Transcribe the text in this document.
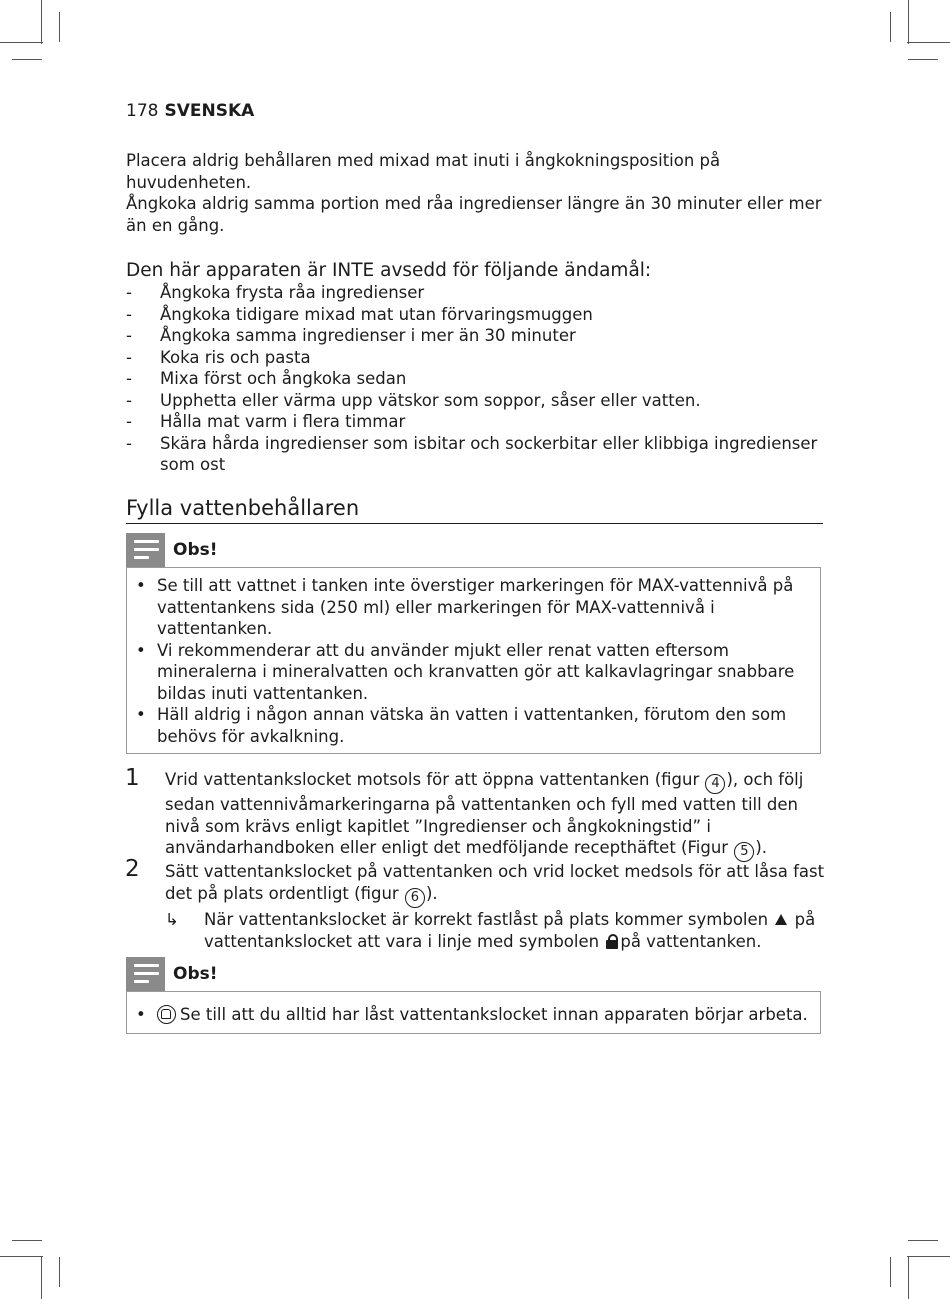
178 SVENSKA

Placera aldrig behållaren med mixad mat inuti i ångkokningsposition på huvudenheten.

Ångkoka aldrig samma portion med råa ingredienser längre än 30 minuter eller mer än en gång.

Den här apparaten är INTE avsedd för följande ändamål:
- Ångkoka frysta råa ingredienser
- Ångkoka tidigare mixad mat utan förvaringsmuggen
- Ångkoka samma ingredienser i mer än 30 minuter
- Koka ris och pasta
- Mixa först och ångkoka sedan
- Upphetta eller värma upp vätskor som soppor, såser eller vatten.
- Hålla mat varm i flera timmar
- Skära hårda ingredienser som isbitar och sockerbitar eller klibbiga ingredienser som ost
Fylla vattenbehållaren
Obs!
• Se till att vattnet i tanken inte överstiger markeringen för MAX-vattennivå på vattentankens sida (250 ml) eller markeringen för MAX-vattennivå i vattentanken.
• Vi rekommenderar att du använder mjukt eller renat vatten eftersom mineralerna i mineralvatten och kranvatten gör att kalkavlagringar snabbare bildas inuti vattentanken.
• Häll aldrig i någon annan vätska än vatten i vattentanken, förutom den som behövs för avkalkning.
1 Vrid vattentankslocket motsols för att öppna vattentanken (figur 4 ), och följ sedan vattennivåmarkeringarna på vattentanken och fyll med vatten till den nivå som krävs enligt kapitlet ”Ingredienser och ångkokningstid” i användarhandboken eller enligt det medföljande recepthäftet (Figur 5 ).
2 Sätt vattentankslocket på vattentanken och vrid locket medsols för att låsa fast det på plats ordentligt (figur 6 ).
↳ När vattentankslocket är korrekt fastlåst på plats kommer symbolen på vattentankslocket att vara i linje med symbolen på vattentanken.
Obs!
• Se till att du alltid har låst vattentankslocket innan apparaten börjar arbeta.
